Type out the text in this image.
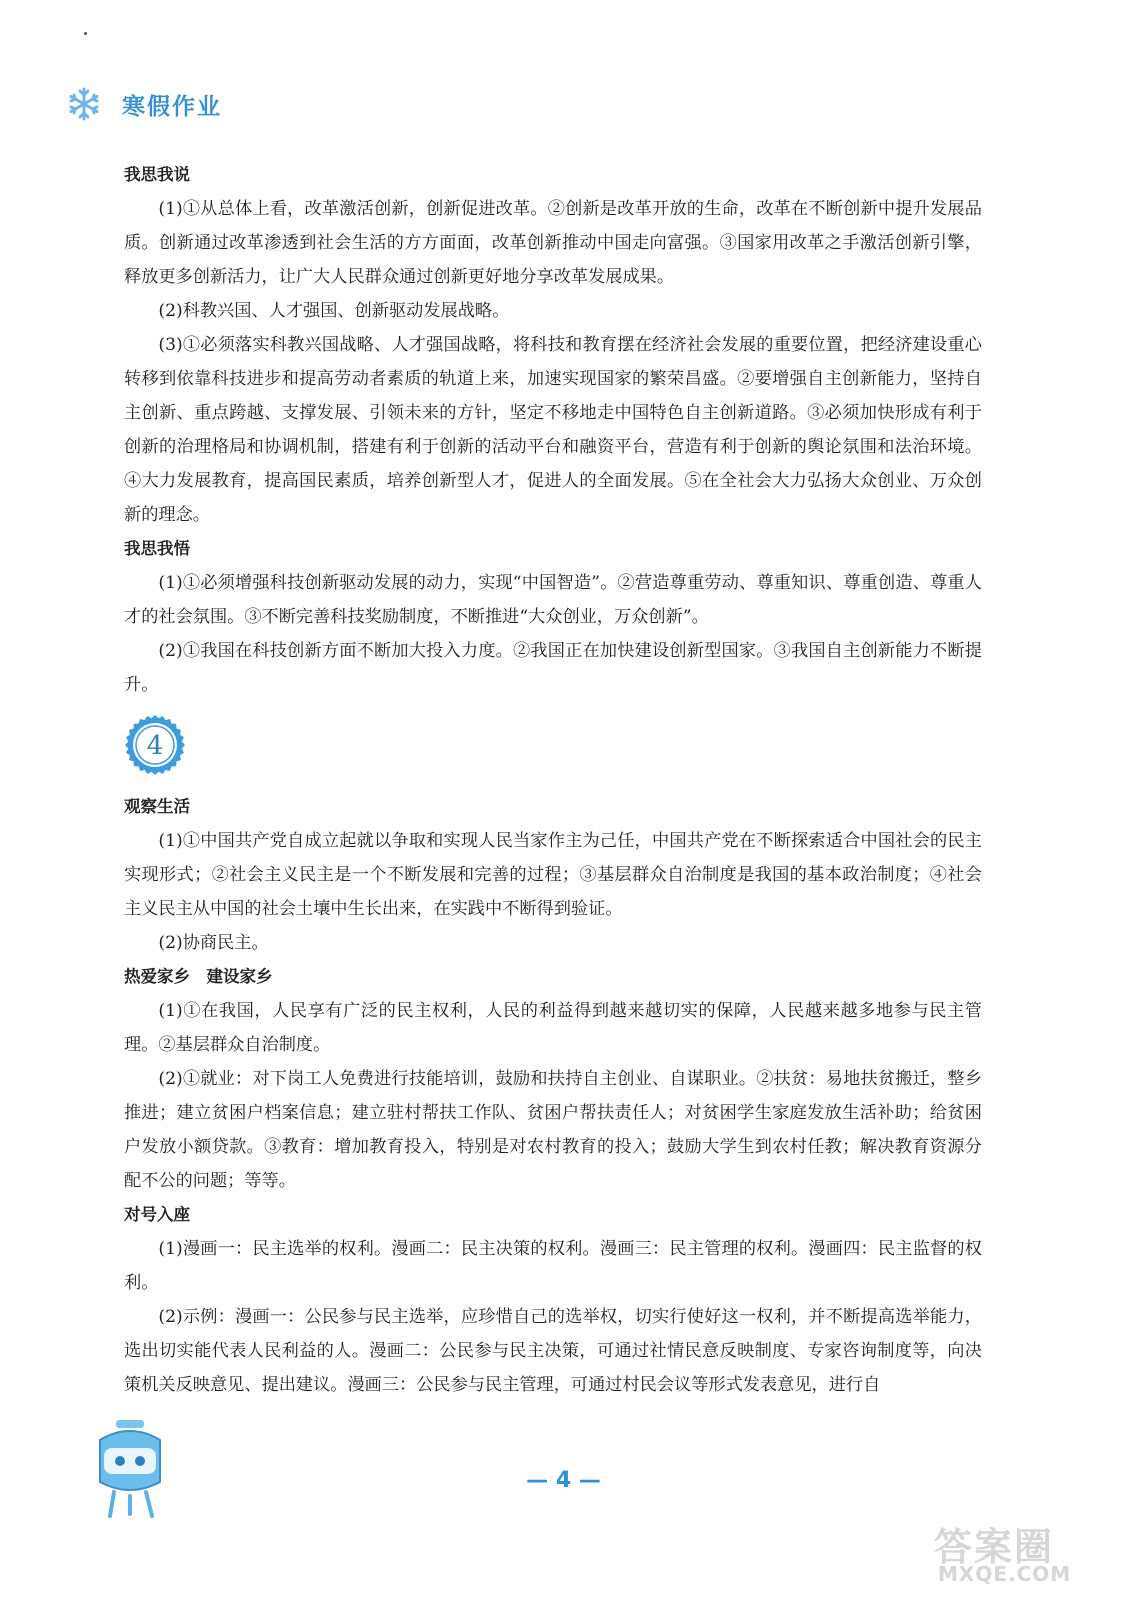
寒假作业

我思我说

(1)①从总体上看，改革激活创新，创新促进改革。②创新是改革开放的生命，改革在不断创新中提升发展品质。创新通过改革渗透到社会生活的方方面面，改革创新推动中国走向富强。③国家用改革之手激活创新引擎，释放更多创新活力，让广大人民群众通过创新更好地分享改革发展成果。

(2)科教兴国、人才强国、创新驱动发展战略。

(3)①必须落实科教兴国战略、人才强国战略，将科技和教育摆在经济社会发展的重要位置，把经济建设重心转移到依靠科技进步和提高劳动者素质的轨道上来，加速实现国家的繁荣昌盛。②要增强自主创新能力，坚持自主创新、重点跨越、支撑发展、引领未来的方针，坚定不移地走中国特色自主创新道路。③必须加快形成有利于创新的治理格局和协调机制，搭建有利于创新的活动平台和融资平台，营造有利于创新的舆论氛围和法治环境。④大力发展教育，提高国民素质，培养创新型人才，促进人的全面发展。⑤在全社会大力弘扬大众创业、万众创新的理念。

我思我悟

(1)①必须增强科技创新驱动发展的动力，实现“中国智造”。②营造尊重劳动、尊重知识、尊重创造、尊重人才的社会氛围。③不断完善科技奖励制度，不断推进“大众创业，万众创新”。

(2)①我国在科技创新方面不断加大投入力度。②我国正在加快建设创新型国家。③我国自主创新能力不断提升。

4

观察生活

(1)①中国共产党自成立起就以争取和实现人民当家作主为己任，中国共产党在不断探索适合中国社会的民主实现形式；②社会主义民主是一个不断发展和完善的过程；③基层群众自治制度是我国的基本政治制度；④社会主义民主从中国的社会土壤中生长出来，在实践中不断得到验证。

(2)协商民主。

热爱家乡　建设家乡

(1)①在我国，人民享有广泛的民主权利，人民的利益得到越来越切实的保障，人民越来越多地参与民主管理。②基层群众自治制度。

(2)①就业：对下岗工人免费进行技能培训，鼓励和扶持自主创业、自谋职业。②扶贫：易地扶贫搬迁，整乡推进；建立贫困户档案信息；建立驻村帮扶工作队、贫困户帮扶责任人；对贫困学生家庭发放生活补助；给贫困户发放小额贷款。③教育：增加教育投入，特别是对农村教育的投入；鼓励大学生到农村任教；解决教育资源分配不公的问题；等等。

对号入座

(1)漫画一：民主选举的权利。漫画二：民主决策的权利。漫画三：民主管理的权利。漫画四：民主监督的权利。

(2)示例：漫画一：公民参与民主选举，应珍惜自己的选举权，切实行使好这一权利，并不断提高选举能力，选出切实能代表人民利益的人。漫画二：公民参与民主决策，可通过社情民意反映制度、专家咨询制度等，向决策机关反映意见、提出建议。漫画三：公民参与民主管理，可通过村民会议等形式发表意见，进行自

— 4 —
答案圈
MXQE.COM
